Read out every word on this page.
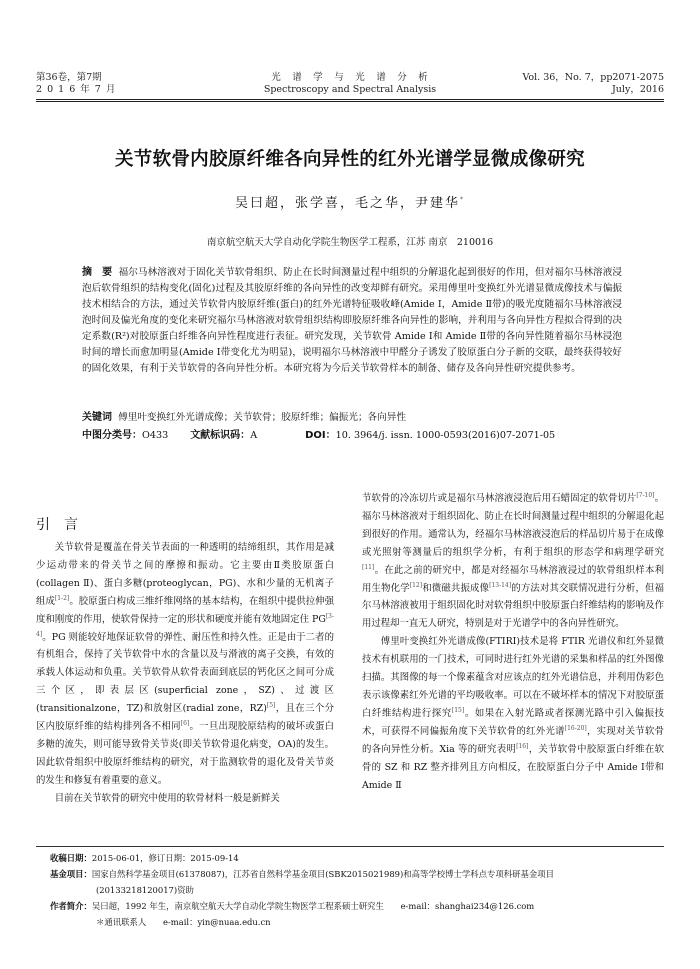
第36卷，第7期
2 0 1 6 年 7 月
光　谱　学　与　光　谱　分　析
Spectroscopy and Spectral Analysis
Vol. 36，No. 7，pp2071-2075
July，2016
关节软骨内胶原纤维各向异性的红外光谱学显微成像研究
吴曰超，张学喜，毛之华，尹建华*
南京航空航天大学自动化学院生物医学工程系，江苏 南京　210016
摘　要 福尔马林溶液对于固化关节软骨组织、防止在长时间测量过程中组织的分解退化起到很好的作用，但对福尔马林溶液浸泡后软骨组织的结构变化(固化)过程及其胶原纤维的各向异性的改变却鲜有研究。采用傅里叶变换红外光谱显微成像技术与偏振技术相结合的方法，通过关节软骨内胶原纤维(蛋白)的红外光谱特征吸收峰(Amide Ⅰ，Amide Ⅱ带)的吸光度随福尔马林溶液浸泡时间及偏光角度的变化来研究福尔马林溶液对软骨组织结构即胶原纤维各向异性的影响，并利用与各向异性方程拟合得到的决定系数(R²)对胶原蛋白纤维各向异性程度进行表征。研究发现，关节软骨 Amide Ⅰ和 Amide Ⅱ带的各向异性随着福尔马林浸泡时间的增长而愈加明显(Amide Ⅰ带变化尤为明显)，说明福尔马林溶液中甲醛分子诱发了胶原蛋白分子新的交联，最终获得较好的固化效果，有利于关节软骨的各向异性分析。本研究将为今后关节软骨样本的制备、储存及各向异性研究提供参考。
关键词 傅里叶变换红外光谱成像；关节软骨；胶原纤维；偏振光；各向异性
中图分类号：O433 文献标识码：A	DOI：10. 3964/j. issn. 1000-0593(2016)07-2071-05
引言

关节软骨是覆盖在骨关节表面的一种透明的结缔组织，其作用是减少运动带来的骨关节之间的摩擦和振动。它主要由Ⅱ类胶原蛋白(collagen Ⅱ)、蛋白多糖(proteoglycan，PG)、水和少量的无机离子组成[1-2]。胶原蛋白构成三维纤维网络的基本结构，在组织中提供拉伸强度和刚度的作用，使软骨保持一定的形状和硬度并能有效地固定住 PG[3-4]。PG 则能较好地保证软骨的弹性、耐压性和持久性。正是由于二者的有机组合，保持了关节软骨中水的含量以及与滑液的离子交换，有效的承载人体运动和负重。关节软骨从软骨表面到底层的钙化区之间可分成三个区，即表层区(superficial zone，SZ)、过渡区(transitionalzone，TZ)和放射区(radial zone，RZ)[5]，且在三个分区内胶原纤维的结构排列各不相同[6]。一旦出现胶原结构的破坏或蛋白多糖的流失，则可能导致骨关节炎(即关节软骨退化病变，OA)的发生。因此软骨组织中胶原纤维结构的研究，对于监测软骨的退化及骨关节炎的发生和修复有着重要的意义。

目前在关节软骨的研究中使用的软骨材料一般是新鲜关

节软骨的冷冻切片或是福尔马林溶液浸泡后用石蜡固定的软骨切片[7-10]。福尔马林溶液对于组织固化、防止在长时间测量过程中组织的分解退化起到很好的作用。通常认为，经福尔马林溶液浸泡后的样品切片易于在成像或光照射等测量后的组织学分析，有利于组织的形态学和病理学研究[11]。在此之前的研究中，都是对经福尔马林溶液浸过的软骨组织样本利用生物化学[12]和微磁共振成像[13-14]的方法对其交联情况进行分析，但福尔马林溶液被用于组织固化时对软骨组织中胶原蛋白纤维结构的影响及作用过程却一直无人研究，特别是对于光谱学中的各向异性研究。

傅里叶变换红外光谱成像(FTIRI)技术是将 FTIR 光谱仪和红外显微技术有机联用的一门技术，可同时进行红外光谱的采集和样品的红外图像扫描。其图像的每一个像素蕴含对应该点的红外光谱信息，并利用伪彩色表示该像素红外光谱的平均吸收率。可以在不破坏样本的情况下对胶原蛋白纤维结构进行探究[15]。如果在入射光路或者探测光路中引入偏振技术，可获得不同偏振角度下关节软骨的红外光谱[16-20]，实现对关节软骨的各向异性分析。Xia 等的研究表明[16]，关节软骨中胶原蛋白纤维在软骨的 SZ 和 RZ 整齐排列且方向相反，在胶原蛋白分子中 Amide Ⅰ带和 Amide Ⅱ

收稿日期： 2015-06-01，修订日期：2015-09-14
基金项目： 国家自然科学基金项目(61378087)，江苏省自然科学基金项目(SBK2015021989)和高等学校博士学科点专项科研基金项目
(20133218120017)资助
作者简介： 吴曰超，1992 年生，南京航空航天大学自动化学院生物医学工程系硕士研究生　　e-mail：shanghai234@126.com
＊通讯联系人　　e-mail：yin@nuaa.edu.cn
